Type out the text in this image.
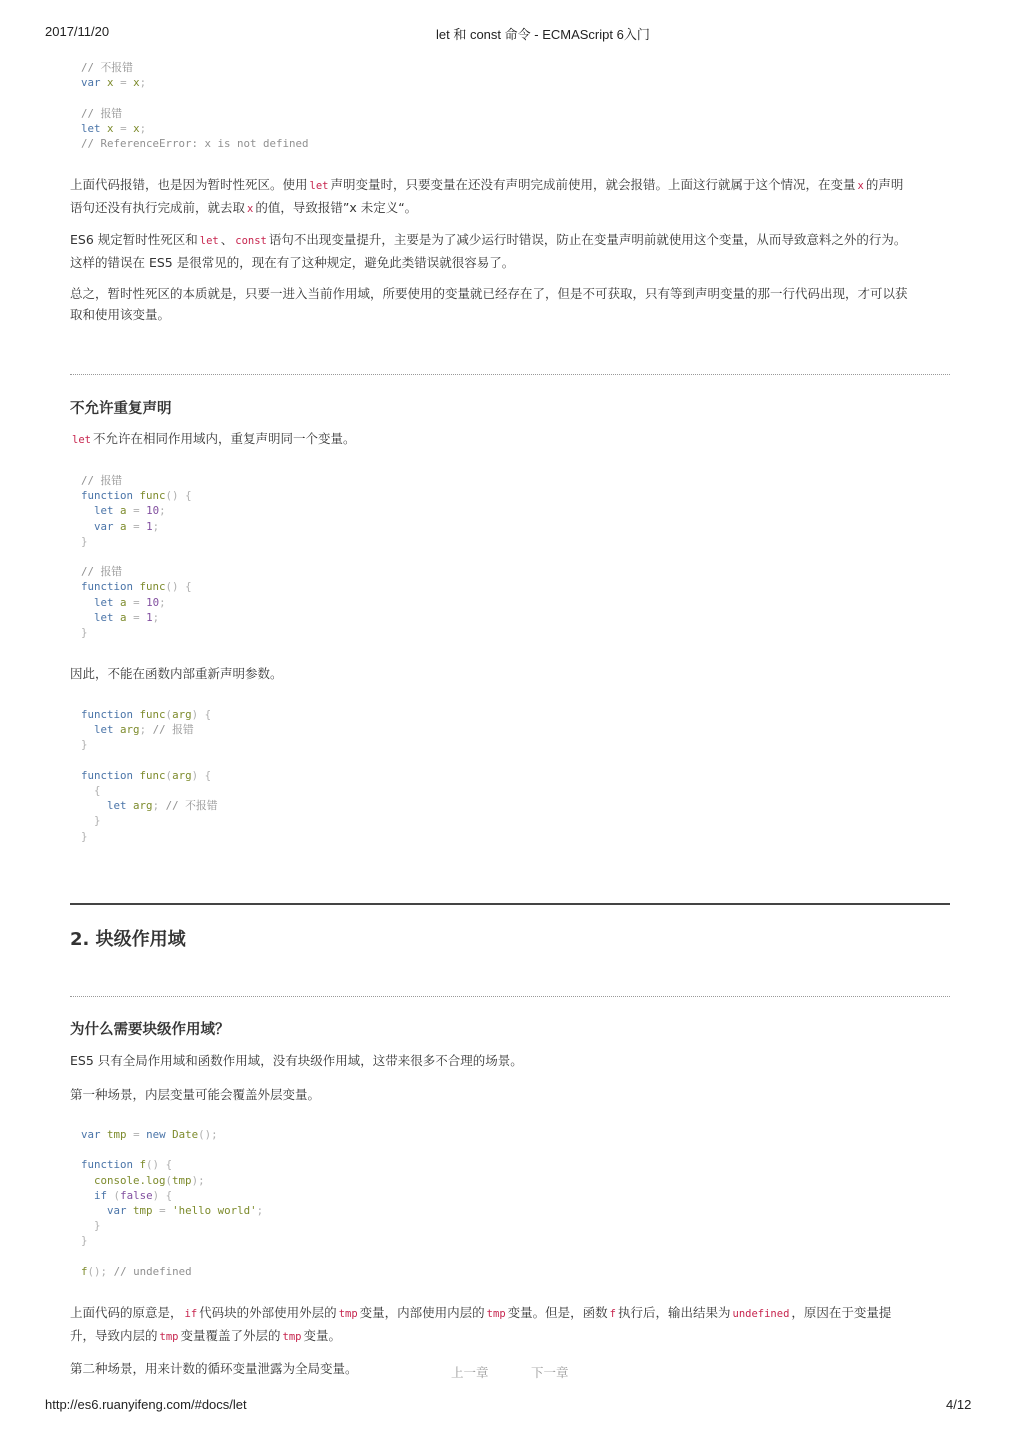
2017/11/20	let 和 const 命令 - ECMAScript 6入门
// 不报错
var x = x;

// 报错
let x = x;
// ReferenceError: x is not defined

上面代码报错，也是因为暂时性死区。使用 let 声明变量时，只要变量在还没有声明完成前使用，就会报错。上面这行就属于这个情况，在变量 x 的声明
语句还没有执行完成前，就去取 x 的值，导致报错”x 未定义“。

ES6 规定暂时性死区和 let 、 const 语句不出现变量提升，主要是为了减少运行时错误，防止在变量声明前就使用这个变量，从而导致意料之外的行为。
这样的错误在 ES5 是很常见的，现在有了这种规定，避免此类错误就很容易了。

总之，暂时性死区的本质就是，只要一进入当前作用域，所要使用的变量就已经存在了，但是不可获取，只有等到声明变量的那一行代码出现，才可以获
取和使用该变量。

不允许重复声明

let 不允许在相同作用域内，重复声明同一个变量。

// 报错
function func() {
let a = 10;
var a = 1;
}

// 报错
function func() {
let a = 10;
let a = 1;
}

因此，不能在函数内部重新声明参数。

function func(arg) {
let arg; // 报错
}

function func(arg) {
{
let arg; // 不报错
}
}
2. 块级作用域
为什么需要块级作用域？

ES5 只有全局作用域和函数作用域，没有块级作用域，这带来很多不合理的场景。

第一种场景，内层变量可能会覆盖外层变量。

var tmp = new Date();

function f() {
console.log(tmp);
if (false) {
var tmp = 'hello world';
}
}

f(); // undefined

上面代码的原意是， if 代码块的外部使用外层的 tmp 变量，内部使用内层的 tmp 变量。但是，函数 f 执行后，输出结果为 undefined ，原因在于变量提
升，导致内层的 tmp 变量覆盖了外层的 tmp 变量。

第二种场景，用来计数的循环变量泄露为全局变量。	上一章	下一章
http://es6.ruanyifeng.com/#docs/let	4/12
